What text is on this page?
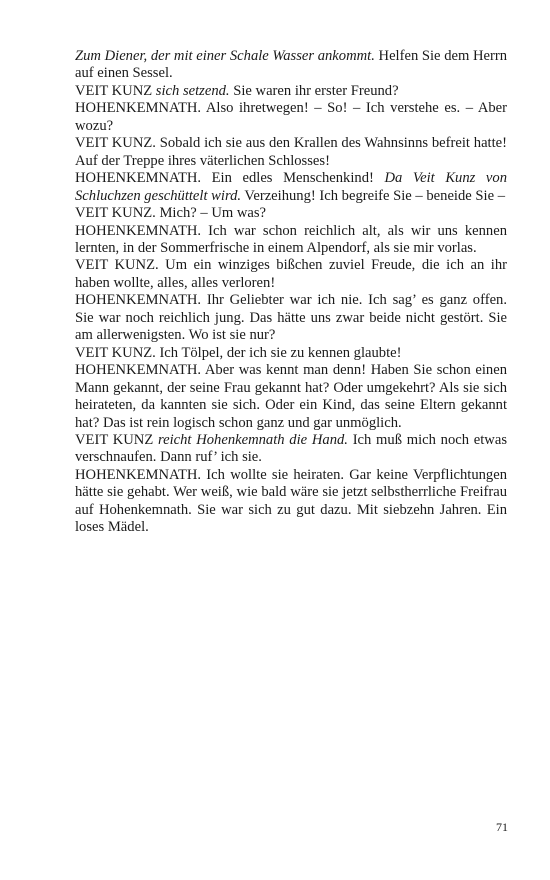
Zum Diener, der mit einer Schale Wasser ankommt. Helfen Sie dem Herrn auf einen Sessel.

VEIT KUNZ sich setzend. Sie waren ihr erster Freund?

HOHENKEMNATH. Also ihretwegen! – So! – Ich verstehe es. – Aber wozu?

VEIT KUNZ. Sobald ich sie aus den Krallen des Wahnsinns befreit hatte! Auf der Treppe ihres väterlichen Schlosses!

HOHENKEMNATH. Ein edles Menschenkind! Da Veit Kunz von Schluchzen geschüttelt wird. Verzeihung! Ich begreife Sie – beneide Sie –

VEIT KUNZ. Mich? – Um was?

HOHENKEMNATH. Ich war schon reichlich alt, als wir uns kennen lernten, in der Sommerfrische in einem Alpendorf, als sie mir vorlas.

VEIT KUNZ. Um ein winziges bißchen zuviel Freude, die ich an ihr haben wollte, alles, alles verloren!

HOHENKEMNATH. Ihr Geliebter war ich nie. Ich sag’ es ganz offen. Sie war noch reichlich jung. Das hätte uns zwar beide nicht gestört. Sie am allerwenigsten. Wo ist sie nur?

VEIT KUNZ. Ich Tölpel, der ich sie zu kennen glaubte!

HOHENKEMNATH. Aber was kennt man denn! Haben Sie schon einen Mann gekannt, der seine Frau gekannt hat? Oder umgekehrt? Als sie sich heirateten, da kannten sie sich. Oder ein Kind, das seine Eltern gekannt hat? Das ist rein logisch schon ganz und gar unmöglich.

VEIT KUNZ reicht Hohenkemnath die Hand. Ich muß mich noch etwas verschnaufen. Dann ruf’ ich sie.

HOHENKEMNATH. Ich wollte sie heiraten. Gar keine Verpflichtungen hätte sie gehabt. Wer weiß, wie bald wäre sie jetzt selbstherrliche Freifrau auf Hohenkemnath. Sie war sich zu gut dazu. Mit siebzehn Jahren. Ein loses Mädel.

71
